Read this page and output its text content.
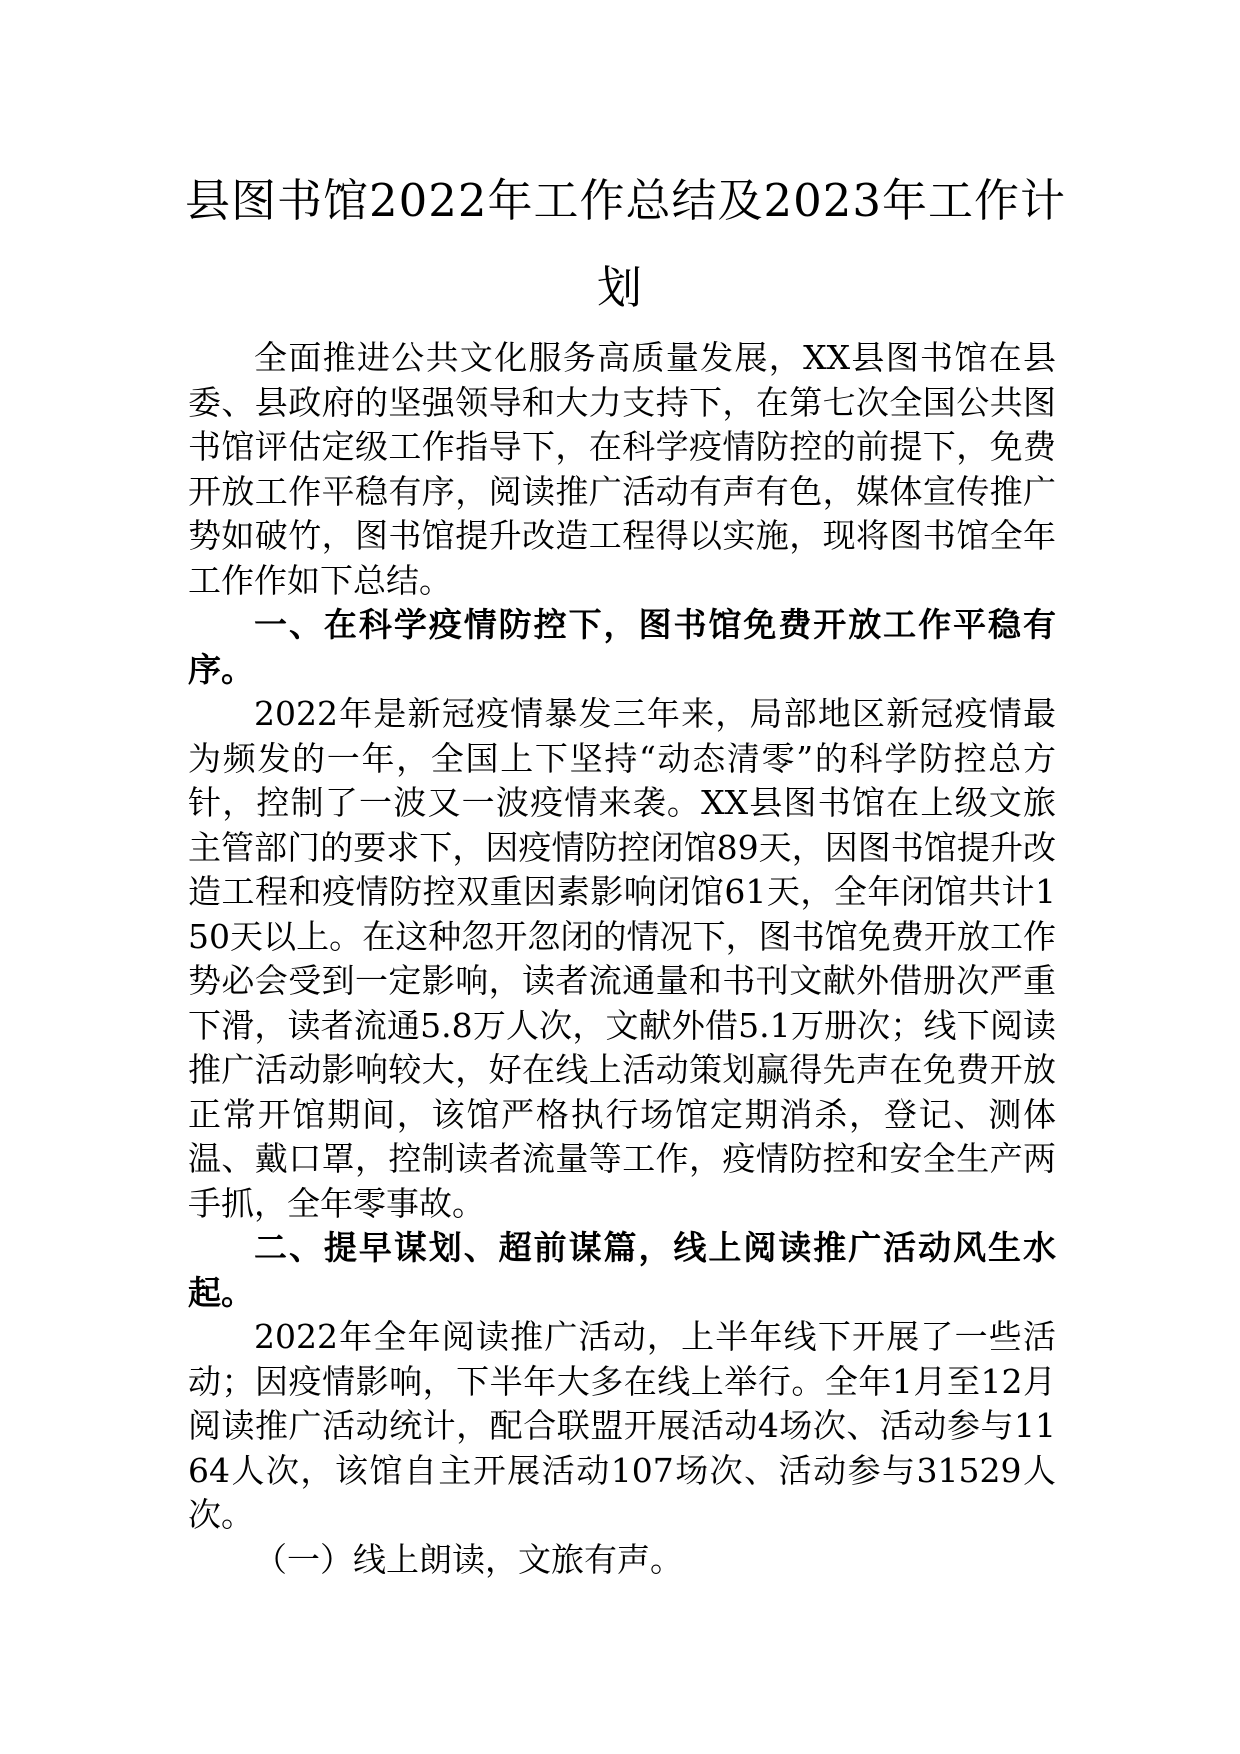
县图书馆2022年工作总结及2023年工作计
划

全面推进公共文化服务高质量发展，XX县图书馆在县委、县政府的坚强领导和大力支持下，在第七次全国公共图书馆评估定级工作指导下，在科学疫情防控的前提下，免费开放工作平稳有序，阅读推广活动有声有色，媒体宣传推广势如破竹，图书馆提升改造工程得以实施，现将图书馆全年工作作如下总结。

一、在科学疫情防控下，图书馆免费开放工作平稳有序。

2022年是新冠疫情暴发三年来，局部地区新冠疫情最为频发的一年，全国上下坚持“动态清零”的科学防控总方针，控制了一波又一波疫情来袭。XX县图书馆在上级文旅主管部门的要求下，因疫情防控闭馆89天，因图书馆提升改造工程和疫情防控双重因素影响闭馆61天，全年闭馆共计150天以上。在这种忽开忽闭的情况下，图书馆免费开放工作势必会受到一定影响，读者流通量和书刊文献外借册次严重下滑，读者流通5.8万人次，文献外借5.1万册次；线下阅读推广活动影响较大，好在线上活动策划赢得先声在免费开放正常开馆期间，该馆严格执行场馆定期消杀，登记、测体温、戴口罩，控制读者流量等工作，疫情防控和安全生产两手抓，全年零事故。

二、提早谋划、超前谋篇，线上阅读推广活动风生水起。

2022年全年阅读推广活动，上半年线下开展了一些活动；因疫情影响，下半年大多在线上举行。全年1月至12月阅读推广活动统计，配合联盟开展活动4场次、活动参与1164人次，该馆自主开展活动107场次、活动参与31529人次。

（一）线上朗读，文旅有声。
